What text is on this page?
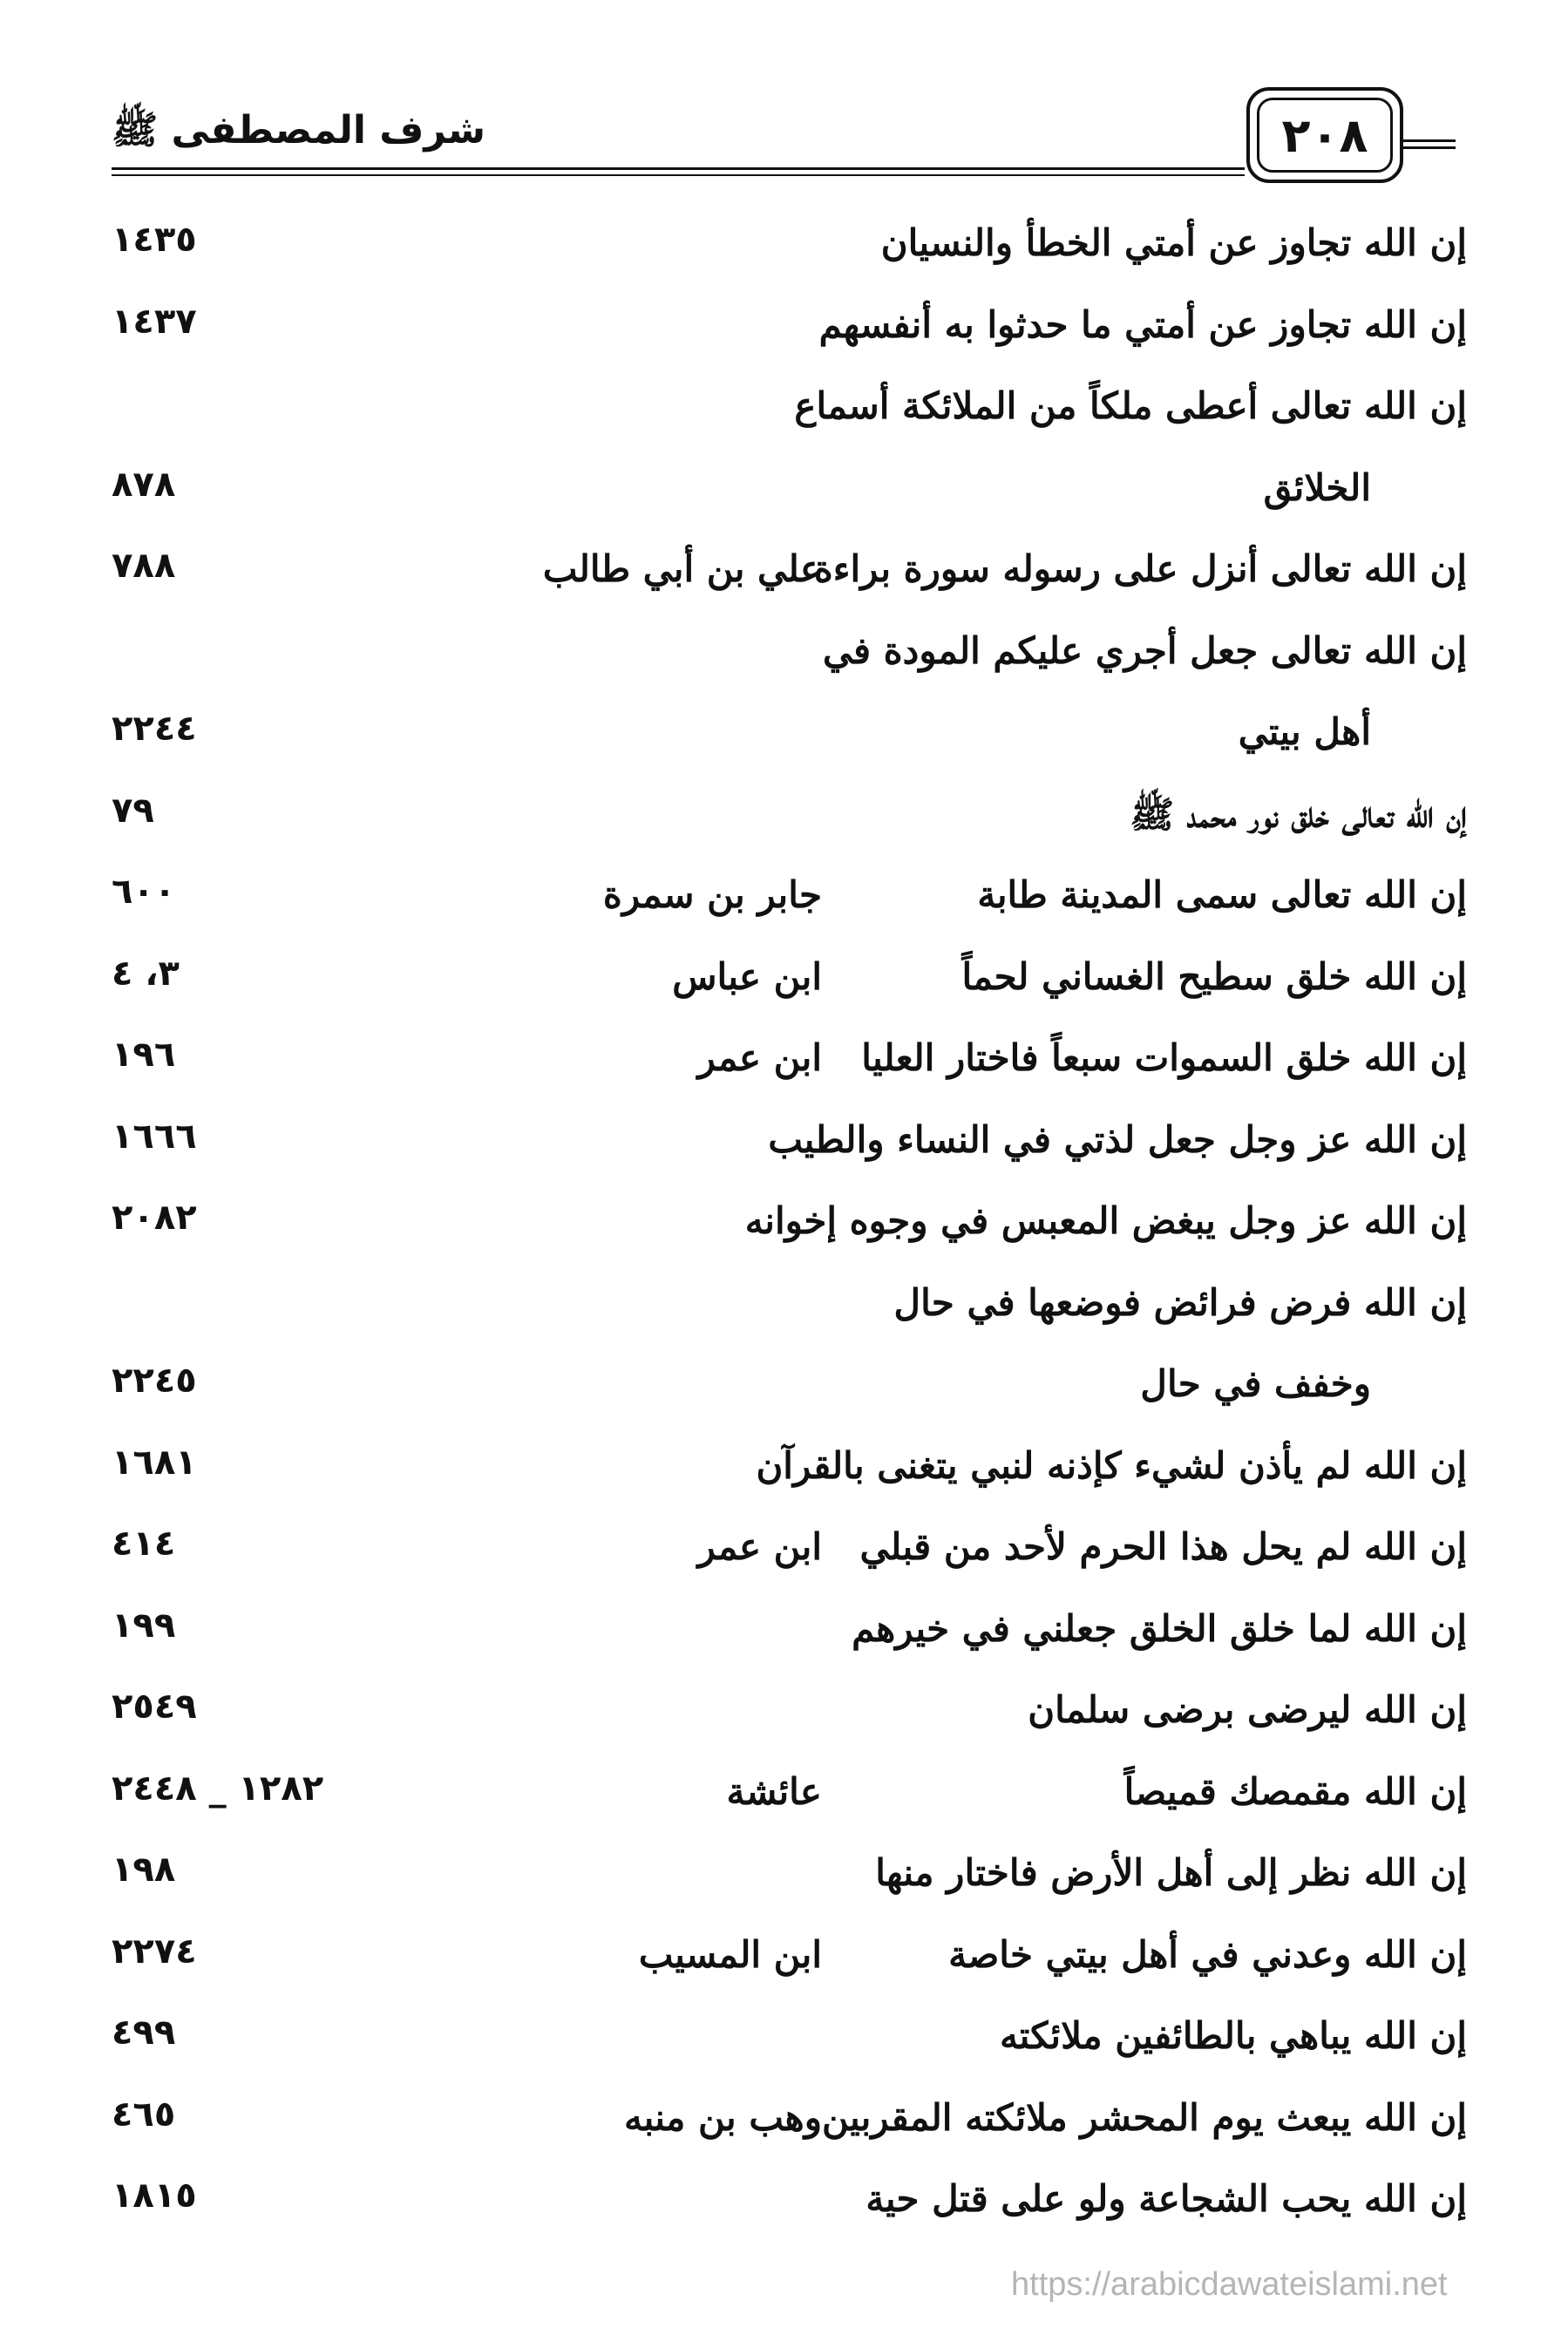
شرف المصطفى ﷺ	٢٠٨
إن الله تجاوز عن أمتي الخطأ والنسيان
١٤٣٥
إن الله تجاوز عن أمتي ما حدثوا به أنفسهم
١٤٣٧
إن الله تعالى أعطى ملكاً من الملائكة أسماع
الخلائق
٨٧٨
إن الله تعالى أنزل على رسوله سورة براءة
علي بن أبي طالب
٧٨٨
إن الله تعالى جعل أجري عليكم المودة في
أهل بيتي
٢٢٤٤
إن الله تعالى خلق نور محمد ﷺ
٧٩
إن الله تعالى سمى المدينة طابة
جابر بن سمرة
٦٠٠
إن الله خلق سطيح الغساني لحماً
ابن عباس
٣، ٤
إن الله خلق السموات سبعاً فاختار العليا
ابن عمر
١٩٦
إن الله عز وجل جعل لذتي في النساء والطيب
١٦٦٦
إن الله عز وجل يبغض المعبس في وجوه إخوانه
٢٠٨٢
إن الله فرض فرائض فوضعها في حال
وخفف في حال
٢٢٤٥
إن الله لم يأذن لشيء كإذنه لنبي يتغنى بالقرآن
١٦٨١
إن الله لم يحل هذا الحرم لأحد من قبلي
ابن عمر
٤١٤
إن الله لما خلق الخلق جعلني في خيرهم
١٩٩
إن الله ليرضى برضى سلمان
٢٥٤٩
إن الله مقمصك قميصاً
عائشة
١٢٨٢ _ ٢٤٤٨
إن الله نظر إلى أهل الأرض فاختار منها
١٩٨
إن الله وعدني في أهل بيتي خاصة
ابن المسيب
٢٢٧٤
إن الله يباهي بالطائفين ملائكته
٤٩٩
إن الله يبعث يوم المحشر ملائكته المقربين
وهب بن منبه
٤٦٥
إن الله يحب الشجاعة ولو على قتل حية
١٨١٥
https://arabicdawateislami.net
